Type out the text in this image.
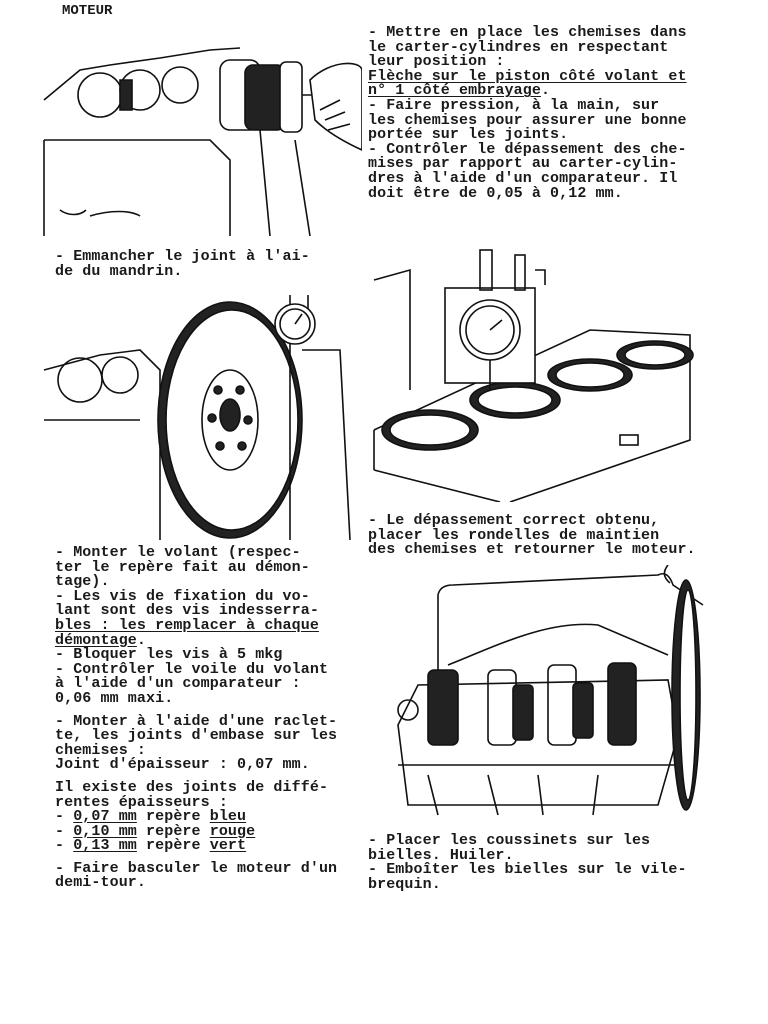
MOTEUR
- Mettre en place les chemises dans
le carter-cylindres en respectant
leur position :
Flèche sur le piston côté volant et
n° 1 côté embrayage.
- Faire pression, à la main, sur
les chemises pour assurer une bonne
portée sur les joints.
- Contrôler le dépassement des che-
mises par rapport au carter-cylin-
dres à l'aide d'un comparateur. Il
doit être de 0,05 à 0,12 mm.
- Emmancher le joint à l'ai-
de du mandrin.
- Monter le volant (respec-
ter le repère fait au démon-
tage).
- Les vis de fixation du vo-
lant sont des vis indesserra-
bles : les remplacer à chaque
démontage.
- Bloquer les vis à 5 mkg
- Contrôler le voile du volant
à l'aide d'un comparateur :
0,06 mm maxi.
- Monter à l'aide d'une raclet-
te, les joints d'embase sur les
chemises :
Joint d'épaisseur : 0,07 mm.
Il existe des joints de diffé-
rentes épaisseurs :
- 0,07 mm repère bleu
- 0,10 mm repère rouge
- 0,13 mm repère vert
- Faire basculer le moteur d'un
demi-tour.
- Le dépassement correct obtenu,
placer les rondelles de maintien
des chemises et retourner le moteur.
- Placer les coussinets sur les
bielles. Huiler.
- Emboîter les bielles sur le vile-
brequin.
